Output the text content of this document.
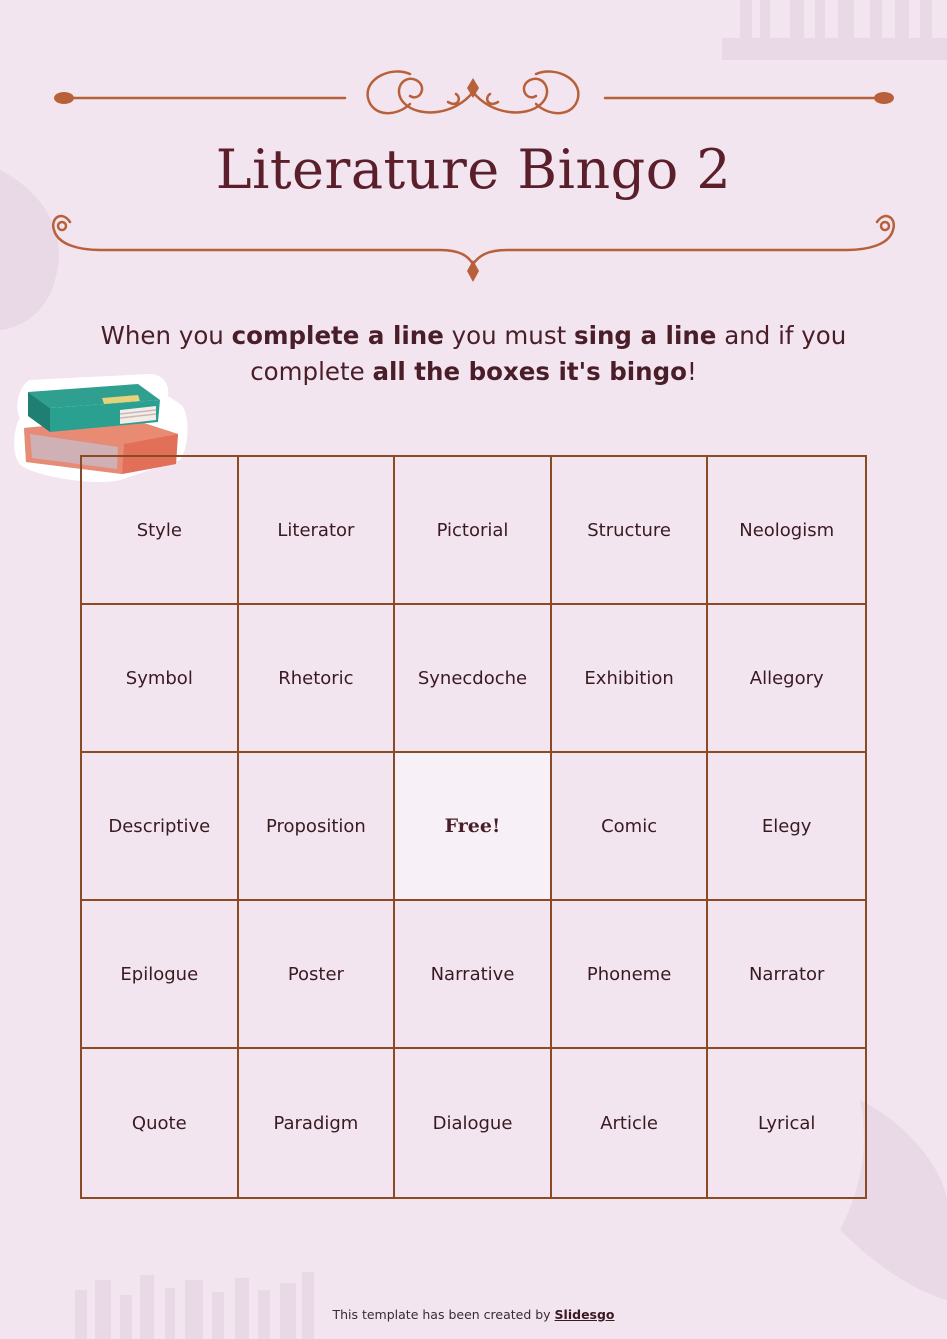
Literature Bingo 2
When you complete a line you must sing a line and if you complete all the boxes it's bingo!
Style	Literator	Pictorial	Structure	Neologism
Symbol	Rhetoric	Synecdoche	Exhibition	Allegory
Descriptive	Proposition	Free!	Comic	Elegy
Epilogue	Poster	Narrative	Phoneme	Narrator
Quote	Paradigm	Dialogue	Article	Lyrical
This template has been created by Slidesgo
